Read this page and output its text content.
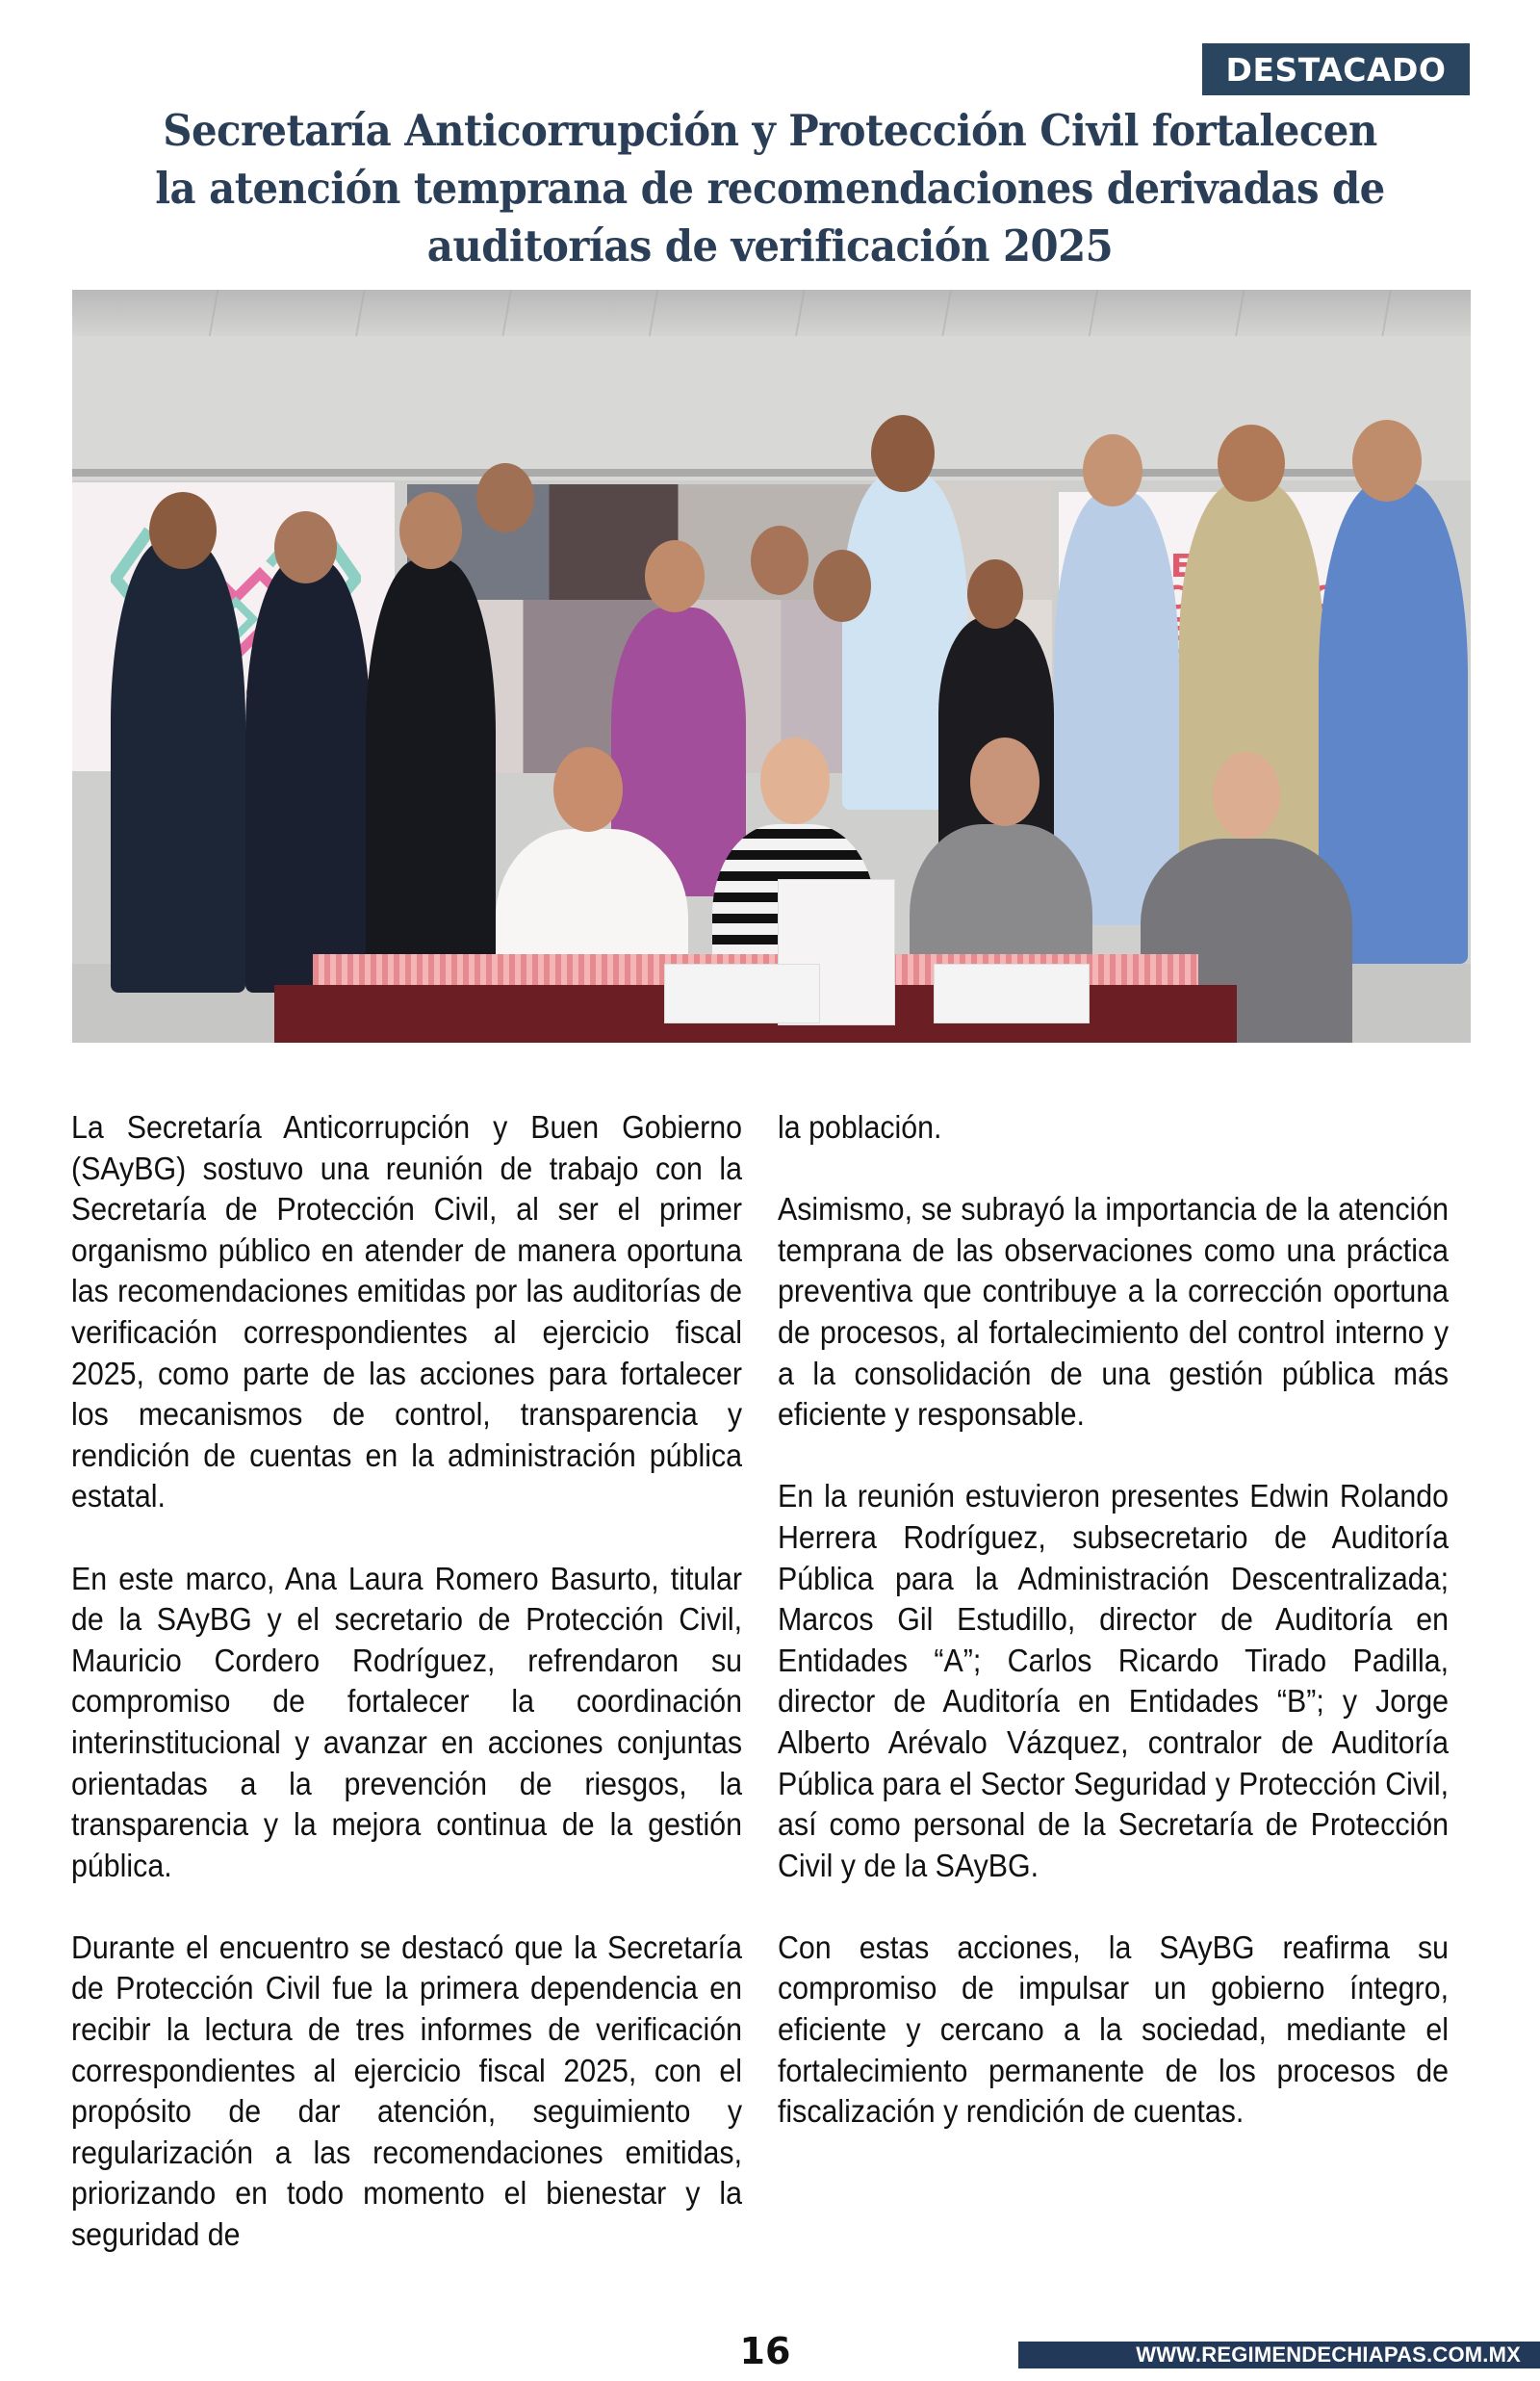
DESTACADO
Secretaría Anticorrupción y Protección Civil fortalecen la atención temprana de recomendaciones derivadas de auditorías de verificación 2025

La Secretaría Anticorrupción y Buen Gobierno (SAyBG) sostuvo una reunión de trabajo con la Secretaría de Protección Civil, al ser el primer organismo público en atender de manera oportuna las recomendaciones emitidas por las auditorías de verificación correspondientes al ejercicio fiscal 2025, como parte de las acciones para fortalecer los mecanismos de control, transparencia y rendición de cuentas en la administración pública estatal.

En este marco, Ana Laura Romero Basurto, titular de la SAyBG y el secretario de Protección Civil, Mauricio Cordero Rodríguez, refrendaron su compromiso de fortalecer la coordinación interinstitucional y avanzar en acciones conjuntas orientadas a la prevención de riesgos, la transparencia y la mejora continua de la gestión pública.

Durante el encuentro se destacó que la Secretaría de Protección Civil fue la primera dependencia en recibir la lectura de tres informes de verificación correspondientes al ejercicio fiscal 2025, con el propósito de dar atención, seguimiento y regularización a las recomendaciones emitidas, priorizando en todo momento el bienestar y la seguridad de

la población.

Asimismo, se subrayó la importancia de la atención temprana de las observaciones como una práctica preventiva que contribuye a la corrección oportuna de procesos, al fortalecimiento del control interno y a la consolidación de una gestión pública más eficiente y responsable.

En la reunión estuvieron presentes Edwin Rolando Herrera Rodríguez, subsecretario de Auditoría Pública para la Administración Descentralizada; Marcos Gil Estudillo, director de Auditoría en Entidades “A”; Carlos Ricardo Tirado Padilla, director de Auditoría en Entidades “B”; y Jorge Alberto Arévalo Vázquez, contralor de Auditoría Pública para el Sector Seguridad y Protección Civil, así como personal de la Secretaría de Protección Civil y de la SAyBG.

Con estas acciones, la SAyBG reafirma su compromiso de impulsar un gobierno íntegro, eficiente y cercano a la sociedad, mediante el fortalecimiento permanente de los procesos de fiscalización y rendición de cuentas.

16	WWW.REGIMENDECHIAPAS.COM.MX
